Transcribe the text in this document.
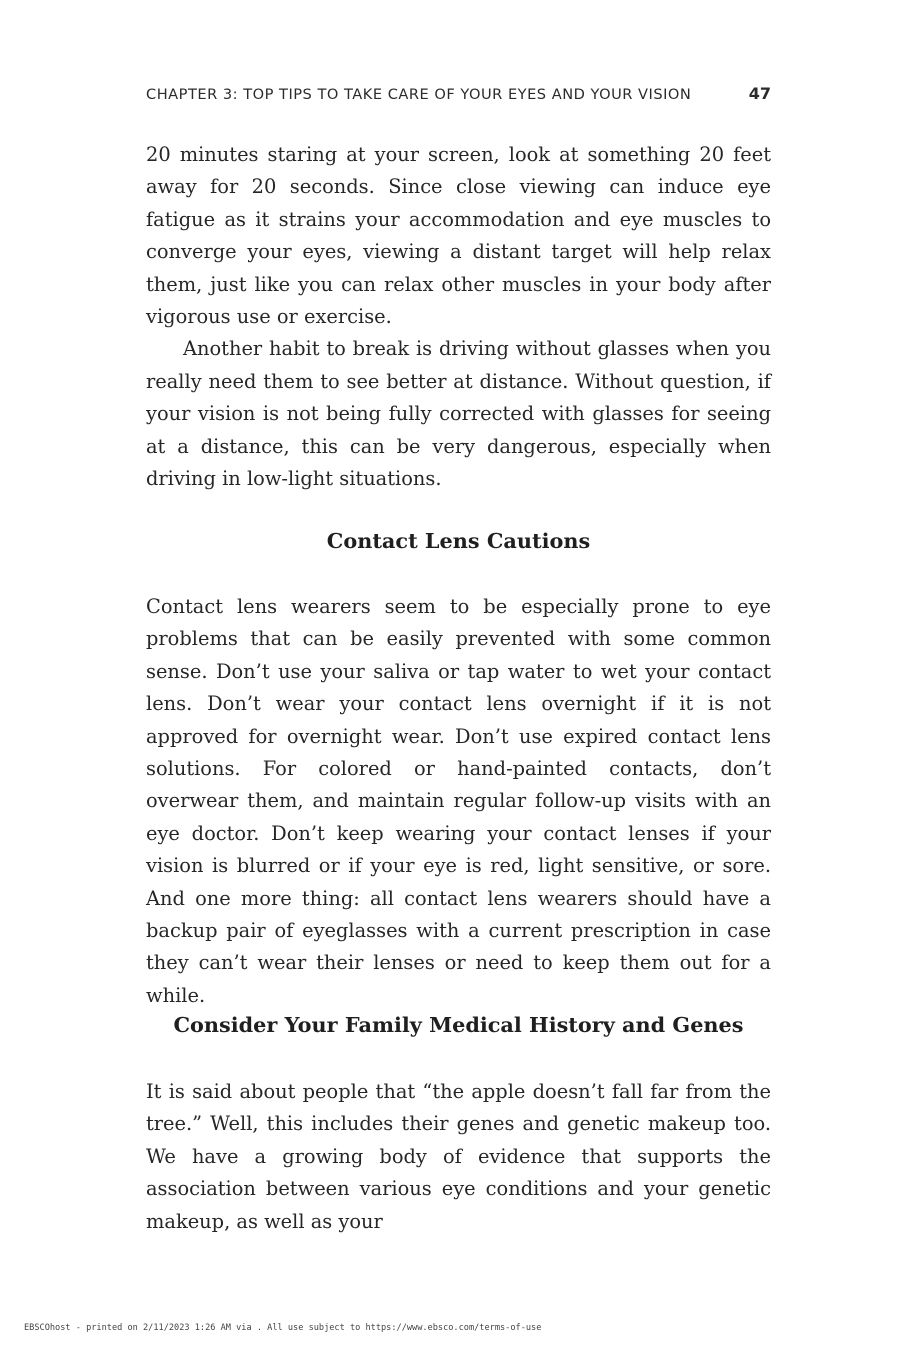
CHAPTER 3: TOP TIPS TO TAKE CARE OF YOUR EYES AND YOUR VISION	47

20 minutes staring at your screen, look at something 20 feet away for 20 seconds. Since close viewing can induce eye fatigue as it strains your accommodation and eye muscles to converge your eyes, viewing a distant target will help relax them, just like you can relax other muscles in your body after vigorous use or exercise.

Another habit to break is driving without glasses when you really need them to see better at distance. Without question, if your vision is not being fully corrected with glasses for seeing at a distance, this can be very dangerous, especially when driving in low-light situations.

Contact Lens Cautions

Contact lens wearers seem to be especially prone to eye problems that can be easily prevented with some common sense. Don’t use your saliva or tap water to wet your contact lens. Don’t wear your contact lens overnight if it is not approved for overnight wear. Don’t use expired contact lens solutions. For colored or hand-painted contacts, don’t overwear them, and maintain regular follow-up visits with an eye doctor. Don’t keep wearing your contact lenses if your vision is blurred or if your eye is red, light sensitive, or sore. And one more thing: all contact lens wearers should have a backup pair of eyeglasses with a current prescription in case they can’t wear their lenses or need to keep them out for a while.

Consider Your Family Medical History and Genes

It is said about people that “the apple doesn’t fall far from the tree.” Well, this includes their genes and genetic makeup too. We have a growing body of evidence that supports the association between various eye conditions and your genetic makeup, as well as your

EBSCOhost - printed on 2/11/2023 1:26 AM via . All use subject to https://www.ebsco.com/terms-of-use
